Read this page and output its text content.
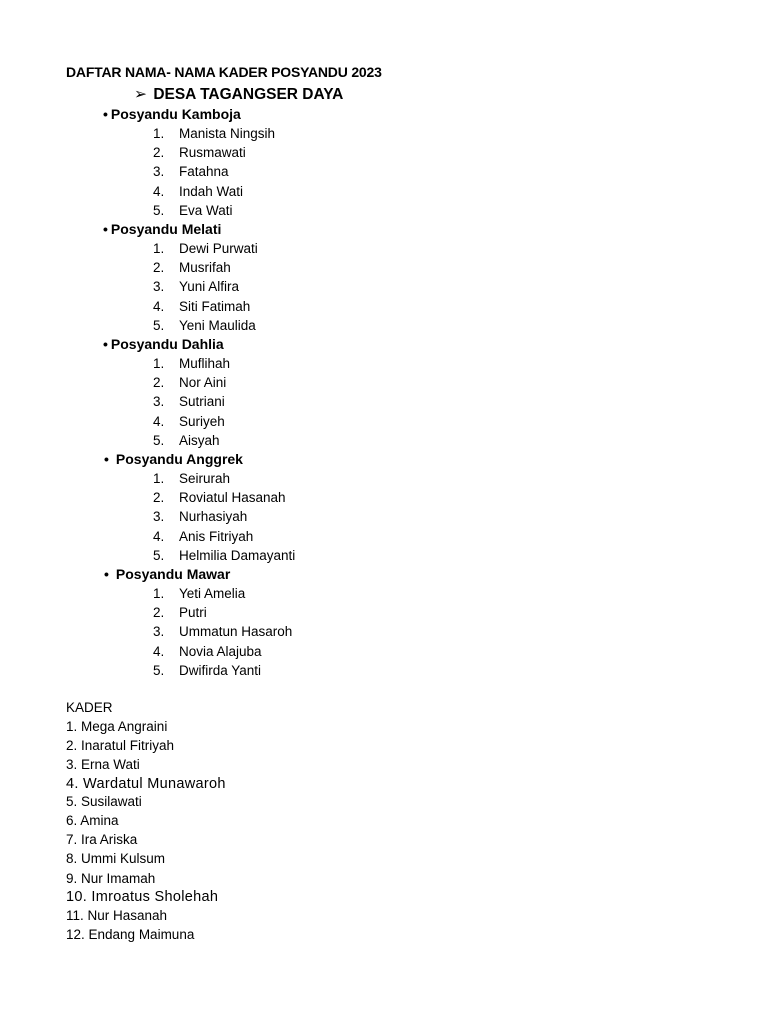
DAFTAR NAMA- NAMA KADER POSYANDU 2023
➢ DESA TAGANGSER DAYA
• Posyandu Kamboja
1. Manista Ningsih
2. Rusmawati
3. Fatahna
4. Indah Wati
5. Eva Wati
• Posyandu Melati
1. Dewi Purwati
2. Musrifah
3. Yuni Alfira
4. Siti Fatimah
5. Yeni Maulida
• Posyandu Dahlia
1. Muflihah
2. Nor Aini
3. Sutriani
4. Suriyeh
5. Aisyah
• Posyandu Anggrek
1. Seirurah
2. Roviatul Hasanah
3. Nurhasiyah
4. Anis Fitriyah
5. Helmilia Damayanti
• Posyandu Mawar
1. Yeti Amelia
2. Putri
3. Ummatun Hasaroh
4. Novia Alajuba
5. Dwifirda Yanti
KADER
1. Mega Angraini
2. Inaratul Fitriyah
3. Erna Wati
4. Wardatul Munawaroh
5. Susilawati
6. Amina
7. Ira Ariska
8. Ummi Kulsum
9. Nur Imamah
10. Imroatus Sholehah
11. Nur Hasanah
12. Endang Maimuna
